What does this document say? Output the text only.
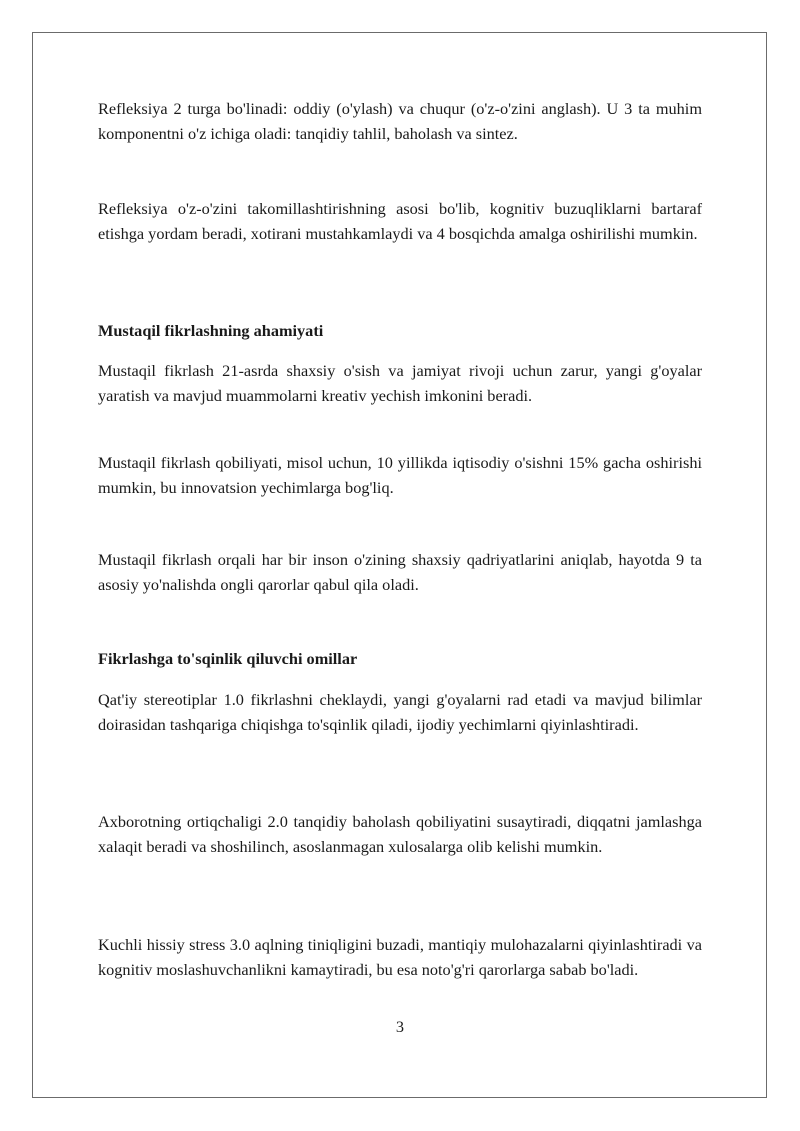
Refleksiya 2 turga bo'linadi: oddiy (o'ylash) va chuqur (o'z-o'zini anglash). U 3 ta muhim komponentni o'z ichiga oladi: tanqidiy tahlil, baholash va sintez.

Refleksiya o'z-o'zini takomillashtirishning asosi bo'lib, kognitiv buzuqliklarni bartaraf etishga yordam beradi, xotirani mustahkamlaydi va 4 bosqichda amalga oshirilishi mumkin.

Mustaqil fikrlashning ahamiyati

Mustaqil fikrlash 21-asrda shaxsiy o'sish va jamiyat rivoji uchun zarur, yangi g'oyalar yaratish va mavjud muammolarni kreativ yechish imkonini beradi.

Mustaqil fikrlash qobiliyati, misol uchun, 10 yillikda iqtisodiy o'sishni 15% gacha oshirishi mumkin, bu innovatsion yechimlarga bog'liq.

Mustaqil fikrlash orqali har bir inson o'zining shaxsiy qadriyatlarini aniqlab, hayotda 9 ta asosiy yo'nalishda ongli qarorlar qabul qila oladi.

Fikrlashga to'sqinlik qiluvchi omillar

Qat'iy stereotiplar 1.0 fikrlashni cheklaydi, yangi g'oyalarni rad etadi va mavjud bilimlar doirasidan tashqariga chiqishga to'sqinlik qiladi, ijodiy yechimlarni qiyinlashtiradi.

Axborotning ortiqchaligi 2.0 tanqidiy baholash qobiliyatini susaytiradi, diqqatni jamlashga xalaqit beradi va shoshilinch, asoslanmagan xulosalarga olib kelishi mumkin.

Kuchli hissiy stress 3.0 aqlning tiniqligini buzadi, mantiqiy mulohazalarni qiyinlashtiradi va kognitiv moslashuvchanlikni kamaytiradi, bu esa noto'g'ri qarorlarga sabab bo'ladi.

3
